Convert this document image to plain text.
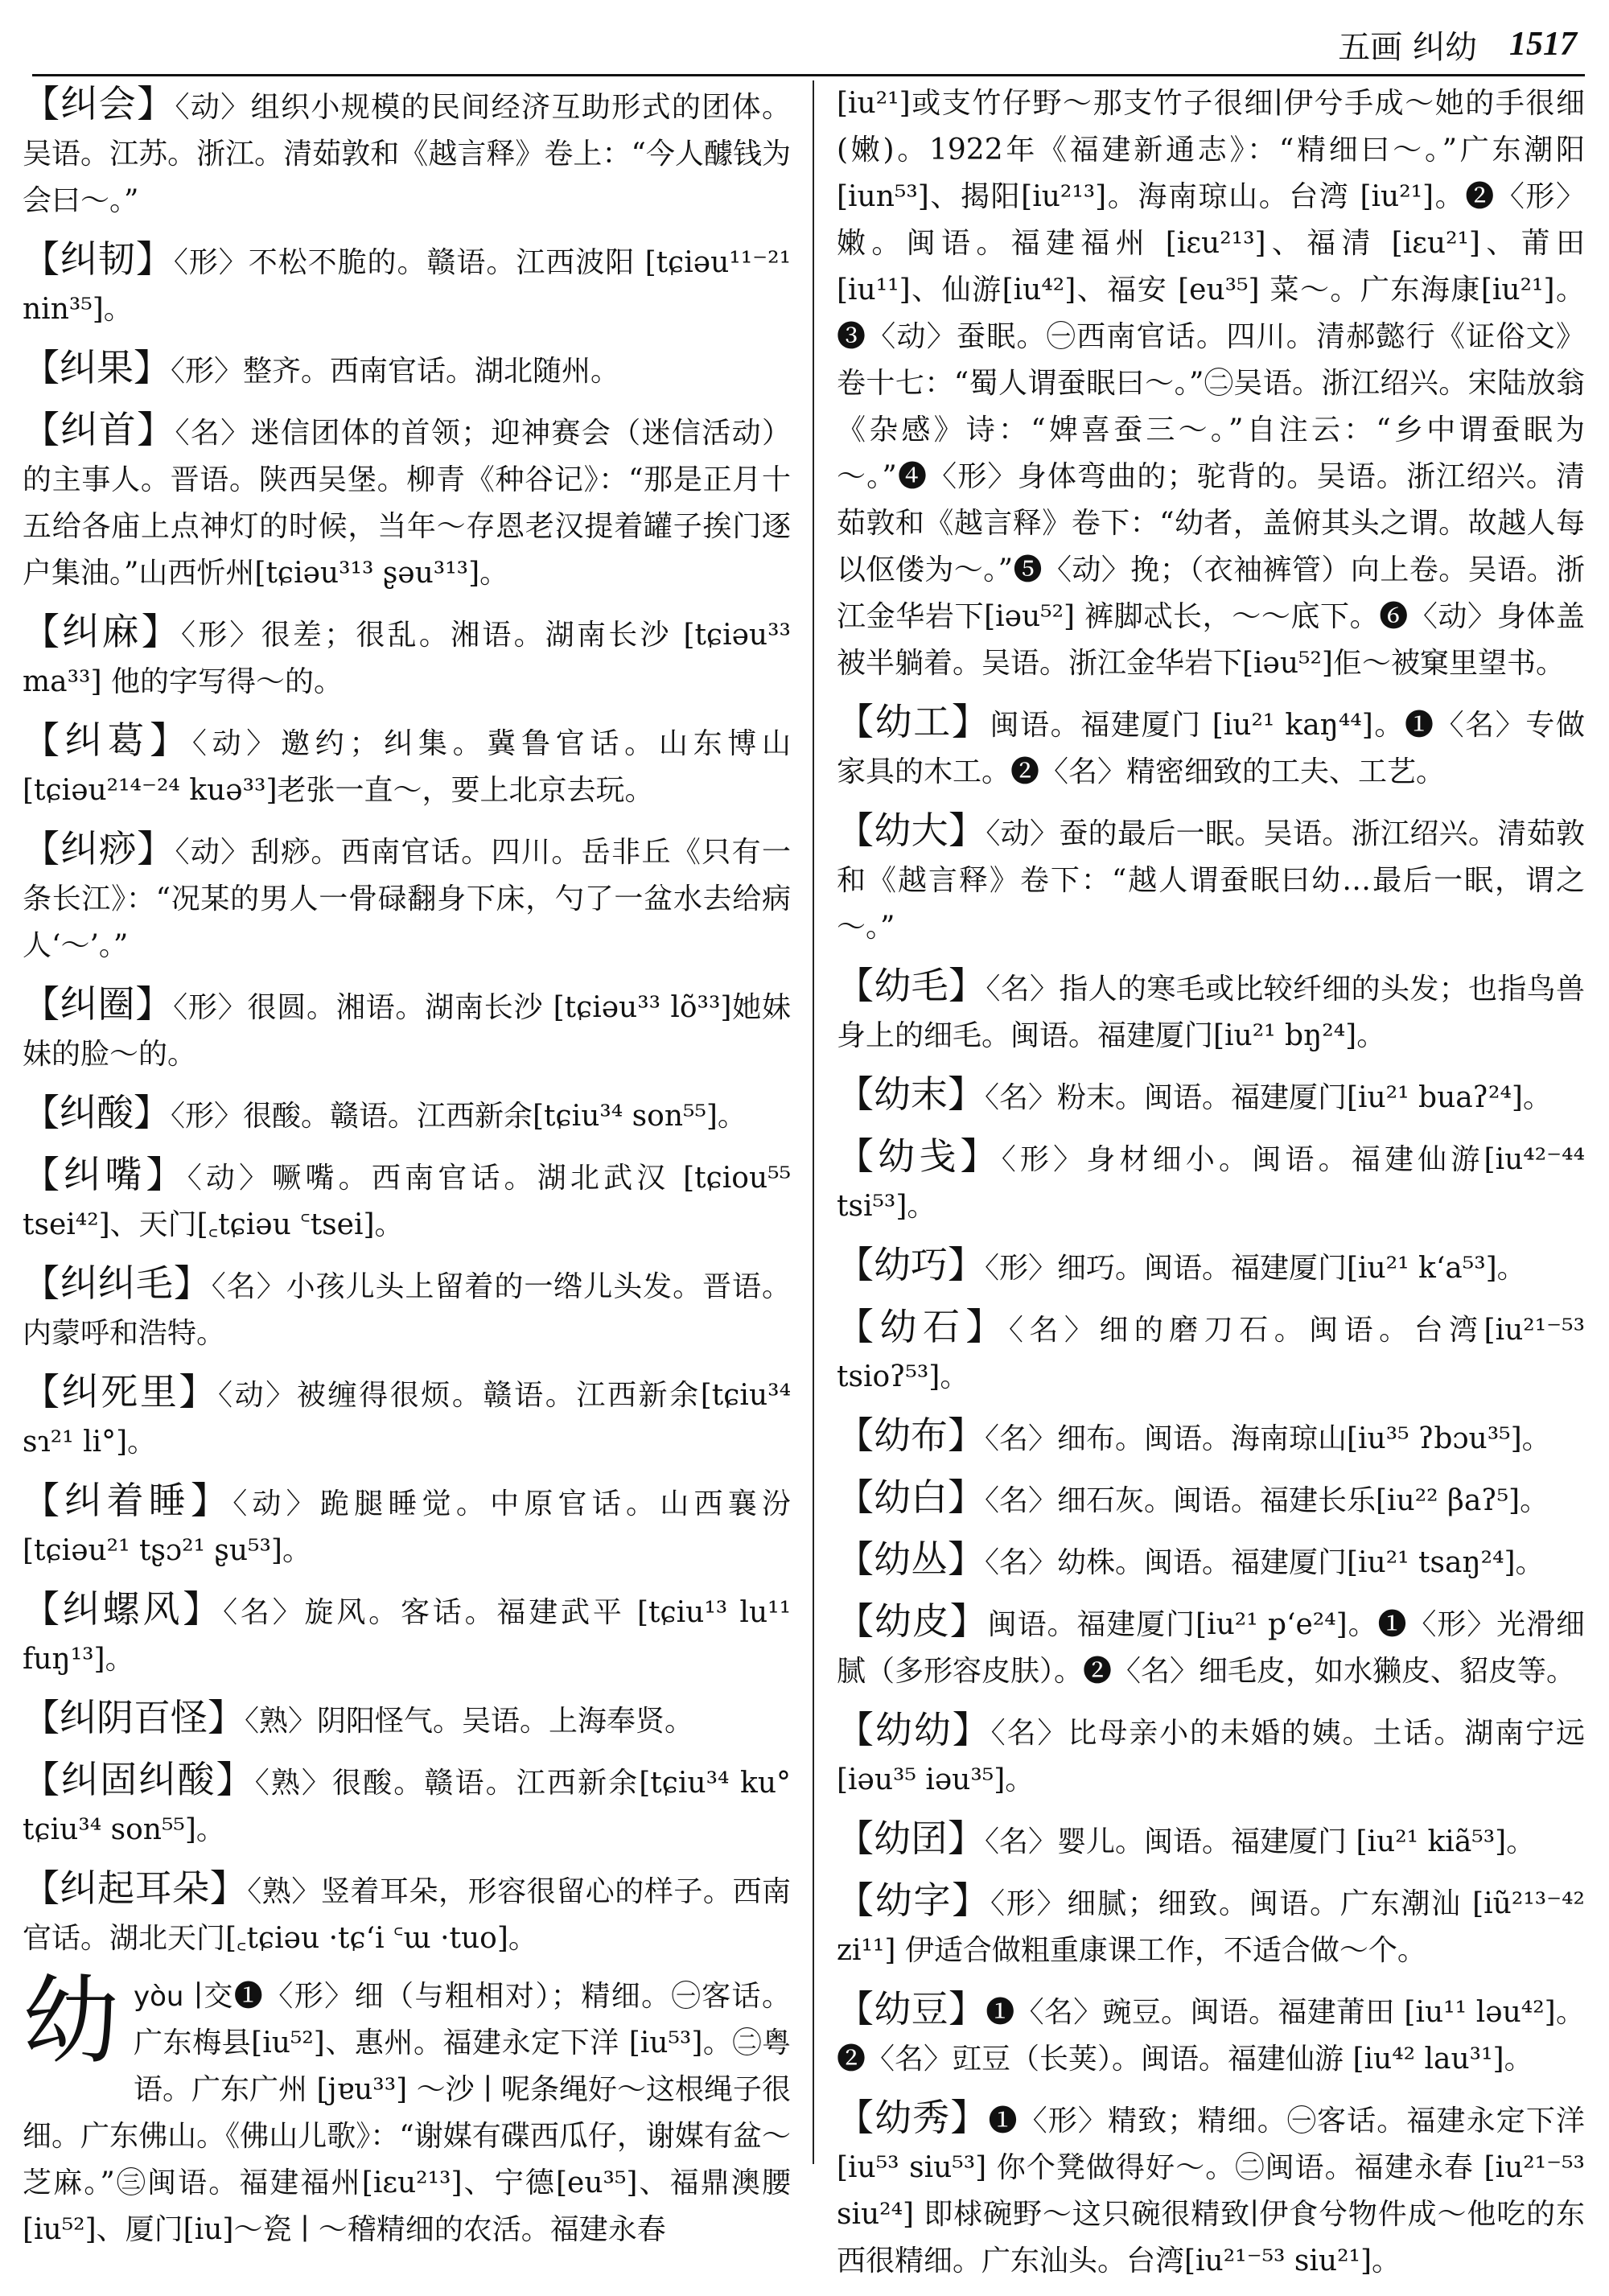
五画 纠幼 1517
【纠会】〈动〉组织小规模的民间经济互助形式的团体。吴语。江苏。浙江。清茹敦和《越言释》卷上：“今人醵钱为会曰～。”
【纠韧】〈形〉不松不脆的。赣语。江西波阳 [tɕiəu¹¹⁻²¹ nin³⁵]。
【纠果】〈形〉整齐。西南官话。湖北随州。
【纠首】〈名〉迷信团体的首领；迎神赛会（迷信活动）的主事人。晋语。陕西吴堡。柳青《种谷记》：“那是正月十五给各庙上点神灯的时候，当年～存恩老汉提着罐子挨门逐户集油。”山西忻州[tɕiəu³¹³ ʂəu³¹³]。
【纠麻】〈形〉很差；很乱。湘语。湖南长沙 [tɕiəu³³ ma³³] 他的字写得～的。
【纠葛】〈动〉邀约；纠集。冀鲁官话。山东博山 [tɕiəu²¹⁴⁻²⁴ kuə³³]老张一直～，要上北京去玩。
【纠痧】〈动〉刮痧。西南官话。四川。岳非丘《只有一条长江》：“况某的男人一骨碌翻身下床，勺了一盆水去给病人‘～’。”
【纠圈】〈形〉很圆。湘语。湖南长沙 [tɕiəu³³ lõ³³]她妹妹的脸～的。
【纠酸】〈形〉很酸。赣语。江西新余[tɕiu³⁴ son⁵⁵]。
【纠嘴】〈动〉噘嘴。西南官话。湖北武汉 [tɕiou⁵⁵ tsei⁴²]、天门[꜀tɕiəu ꜂tsei]。
【纠纠毛】〈名〉小孩儿头上留着的一绺儿头发。晋语。内蒙呼和浩特。
【纠死里】〈动〉被缠得很烦。赣语。江西新余[tɕiu³⁴ sɿ²¹ li°]。
【纠着睡】〈动〉跪腿睡觉。中原官话。山西襄汾[tɕiəu²¹ tʂɔ²¹ ʂu⁵³]。
【纠螺风】〈名〉旋风。客话。福建武平 [tɕiu¹³ lu¹¹ fuŋ¹³]。
【纠阴百怪】〈熟〉阴阳怪气。吴语。上海奉贤。
【纠固纠酸】〈熟〉很酸。赣语。江西新余[tɕiu³⁴ ku° tɕiu³⁴ son⁵⁵]。
【纠起耳朵】〈熟〉竖着耳朵，形容很留心的样子。西南官话。湖北天门[꜀tɕiəu ·tɕ‘i ꜂ɯ ·tuo]。
幼 yòu ∣交❶〈形〉细（与粗相对）；精细。㊀客话。广东梅县[iu⁵²]、惠州。福建永定下洋 [iu⁵³]。㊁粤语。广东广州 [jɐu³³] ～沙 ∣ 呢条绳好～这根绳子很细。广东佛山。《佛山儿歌》：“谢媒有碟西瓜仔，谢媒有盆～芝麻。”㊂闽语。福建福州[iɛu²¹³]、宁德[eu³⁵]、福鼎澳腰[iu⁵²]、厦门[iu]～瓷 ∣ ～稽精细的农活。福建永春
[iu²¹]或支竹仔野～那支竹子很细∣伊兮手成～她的手很细(嫩)。1922年《福建新通志》：“精细曰～。”广东潮阳[iun⁵³]、揭阳[iu²¹³]。海南琼山。台湾 [iu²¹]。❷〈形〉嫩。闽语。福建福州 [iɛu²¹³]、福清 [iɛu²¹]、莆田 [iu¹¹]、仙游[iu⁴²]、福安 [eu³⁵] 菜～。广东海康[iu²¹]。❸〈动〉蚕眠。㊀西南官话。四川。清郝懿行《证俗文》卷十七：“蜀人谓蚕眠曰～。”㊁吴语。浙江绍兴。宋陆放翁《杂感》诗：“婢喜蚕三～。”自注云：“乡中谓蚕眠为～。”❹〈形〉身体弯曲的；驼背的。吴语。浙江绍兴。清茹敦和《越言释》卷下：“幼者，盖俯其头之谓。故越人每以伛偻为～。”❺〈动〉挽；（衣袖裤管）向上卷。吴语。浙江金华岩下[iəu⁵²] 裤脚忒长，～～底下。❻〈动〉身体盖被半躺着。吴语。浙江金华岩下[iəu⁵²]佢～被窠里望书。
【幼工】闽语。福建厦门 [iu²¹ kaŋ⁴⁴]。❶〈名〉专做家具的木工。❷〈名〉精密细致的工夫、工艺。
【幼大】〈动〉蚕的最后一眠。吴语。浙江绍兴。清茹敦和《越言释》卷下：“越人谓蚕眠曰幼…最后一眠，谓之～。”
【幼毛】〈名〉指人的寒毛或比较纤细的头发；也指鸟兽身上的细毛。闽语。福建厦门[iu²¹ bŋ²⁴]。
【幼末】〈名〉粉末。闽语。福建厦门[iu²¹ buaʔ²⁴]。
【幼戋】〈形〉身材细小。闽语。福建仙游[iu⁴²⁻⁴⁴ tsi⁵³]。
【幼巧】〈形〉细巧。闽语。福建厦门[iu²¹ k‘a⁵³]。
【幼石】〈名〉细的磨刀石。闽语。台湾[iu²¹⁻⁵³ tsioʔ⁵³]。
【幼布】〈名〉细布。闽语。海南琼山[iu³⁵ ʔbɔu³⁵]。
【幼白】〈名〉细石灰。闽语。福建长乐[iu²² βaʔ⁵]。
【幼丛】〈名〉幼株。闽语。福建厦门[iu²¹ tsaŋ²⁴]。
【幼皮】闽语。福建厦门[iu²¹ p‘e²⁴]。❶〈形〉光滑细腻（多形容皮肤）。❷〈名〉细毛皮，如水獭皮、貂皮等。
【幼幼】〈名〉比母亲小的未婚的姨。土话。湖南宁远[iəu³⁵ iəu³⁵]。
【幼囝】〈名〉婴儿。闽语。福建厦门 [iu²¹ kiã⁵³]。
【幼字】〈形〉细腻；细致。闽语。广东潮汕 [iũ²¹³⁻⁴² zi¹¹] 伊适合做粗重康课工作，不适合做～个。
【幼豆】❶〈名〉豌豆。闽语。福建莆田 [iu¹¹ ləu⁴²]。❷〈名〉豇豆（长荚）。闽语。福建仙游 [iu⁴² lau³¹]。
【幼秀】❶〈形〉精致；精细。㊀客话。福建永定下洋 [iu⁵³ siu⁵³] 你个凳做得好～。㊁闽语。福建永春 [iu²¹⁻⁵³ siu²⁴] 即梂碗野～这只碗很精致∣伊食兮物件成～他吃的东西很精细。广东汕头。台湾[iu²¹⁻⁵³ siu²¹]。
